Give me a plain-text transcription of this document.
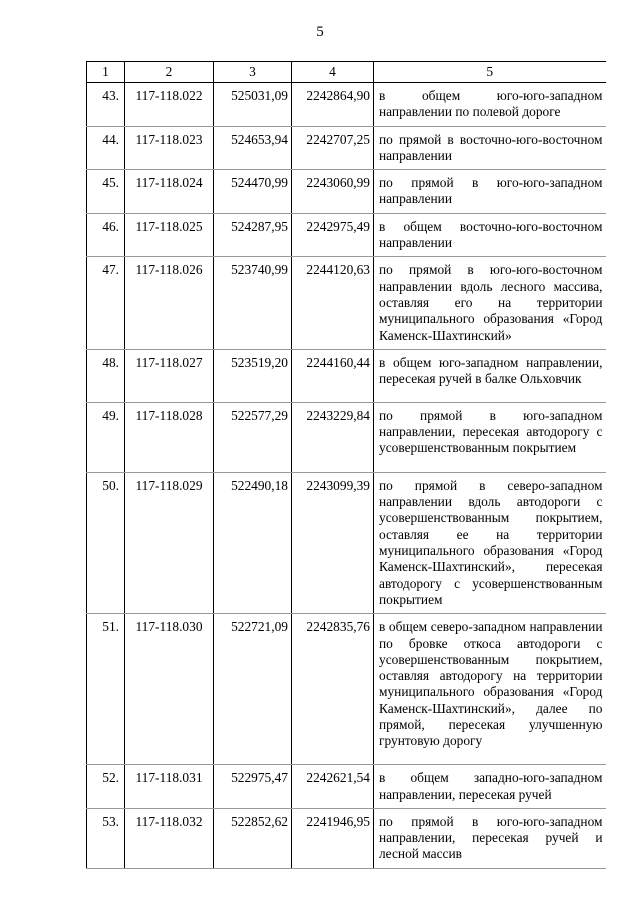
5
1	2	3	4	5
43.	117-118.022	525031,09	2242864,90	в общем юго-юго-западном направлении по полевой дороге
44.	117-118.023	524653,94	2242707,25	по прямой в восточно-юго-восточном направлении
45.	117-118.024	524470,99	2243060,99	по прямой в юго-юго-западном направлении
46.	117-118.025	524287,95	2242975,49	в общем восточно-юго-восточном направлении
47.	117-118.026	523740,99	2244120,63	по прямой в юго-юго-восточном направлении вдоль лесного массива, оставляя его на территории муниципального образования «Город Каменск-Шахтинский»
48.	117-118.027	523519,20	2244160,44	в общем юго-западном направлении, пересекая ручей в балке Ольховчик
49.	117-118.028	522577,29	2243229,84	по прямой в юго-западном направлении, пересекая автодорогу с усовершенствованным покрытием
50.	117-118.029	522490,18	2243099,39	по прямой в северо-западном направлении вдоль автодороги с усовершенствованным покрытием, оставляя ее на территории муниципального образования «Город Каменск-Шахтинский», пересекая автодорогу с усовершенствованным покрытием
51.	117-118.030	522721,09	2242835,76	в общем северо-западном направлении по бровке откоса автодороги с усовершенствованным покрытием, оставляя автодорогу на территории муниципального образования «Город Каменск-Шахтинский», далее по прямой, пересекая улучшенную грунтовую дорогу
52.	117-118.031	522975,47	2242621,54	в общем западно-юго-западном направлении, пересекая ручей
53.	117-118.032	522852,62	2241946,95	по прямой в юго-юго-западном направлении, пересекая ручей и лесной массив
